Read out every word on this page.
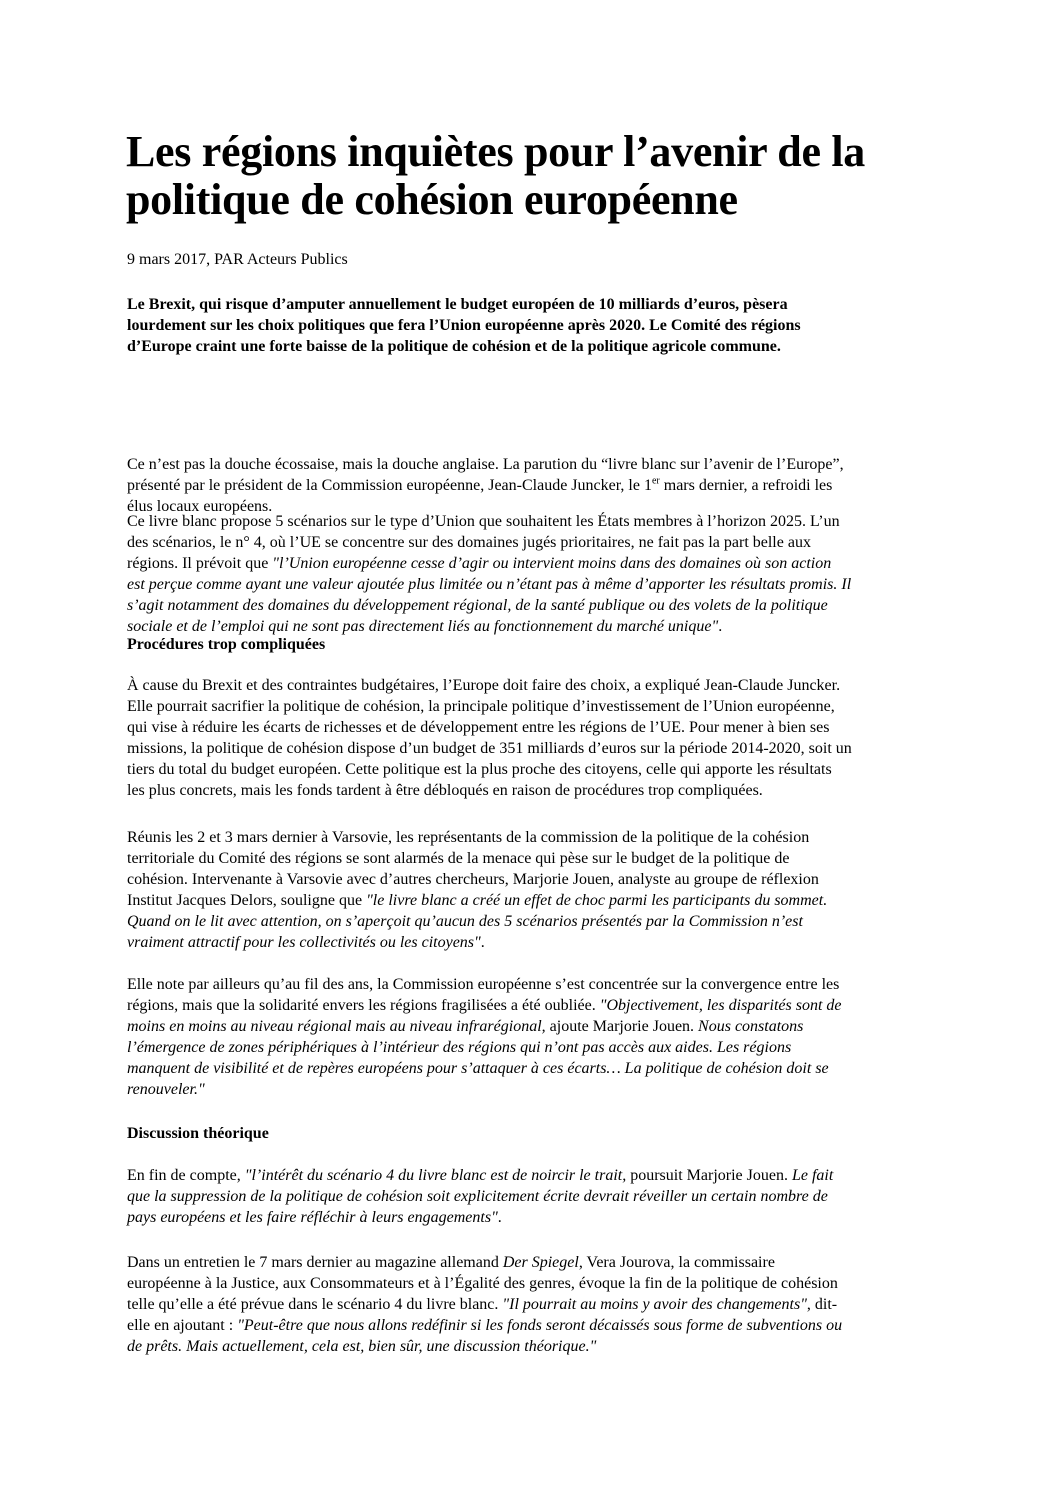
Les régions inquiètes pour l’avenir de la
politique de cohésion européenne
9 mars 2017, PAR Acteurs Publics
Le Brexit, qui risque d’amputer annuellement le budget européen de 10 milliards d’euros, pèsera
lourdement sur les choix politiques que fera l’Union européenne après 2020. Le Comité des régions
d’Europe craint une forte baisse de la politique de cohésion et de la politique agricole commune.
Ce n’est pas la douche écossaise, mais la douche anglaise. La parution du “livre blanc sur l’avenir de l’Europe”,
présenté par le président de la Commission européenne, Jean-Claude Juncker, le 1er mars dernier, a refroidi les
élus locaux européens.
Ce livre blanc propose 5 scénarios sur le type d’Union que souhaitent les États membres à l’horizon 2025. L’un
des scénarios, le n° 4, où l’UE se concentre sur des domaines jugés prioritaires, ne fait pas la part belle aux
régions. Il prévoit que "l’Union européenne cesse d’agir ou intervient moins dans des domaines où son action
est perçue comme ayant une valeur ajoutée plus limitée ou n’étant pas à même d’apporter les résultats promis. Il
s’agit notamment des domaines du développement régional, de la santé publique ou des volets de la politique
sociale et de l’emploi qui ne sont pas directement liés au fonctionnement du marché unique".
Procédures trop compliquées
À cause du Brexit et des contraintes budgétaires, l’Europe doit faire des choix, a expliqué Jean-Claude Juncker.
Elle pourrait sacrifier la politique de cohésion, la principale politique d’investissement de l’Union européenne,
qui vise à réduire les écarts de richesses et de développement entre les régions de l’UE. Pour mener à bien ses
missions, la politique de cohésion dispose d’un budget de 351 milliards d’euros sur la période 2014-2020, soit un
tiers du total du budget européen. Cette politique est la plus proche des citoyens, celle qui apporte les résultats
les plus concrets, mais les fonds tardent à être débloqués en raison de procédures trop compliquées.
Réunis les 2 et 3 mars dernier à Varsovie, les représentants de la commission de la politique de la cohésion
territoriale du Comité des régions se sont alarmés de la menace qui pèse sur le budget de la politique de
cohésion. Intervenante à Varsovie avec d’autres chercheurs, Marjorie Jouen, analyste au groupe de réflexion
Institut Jacques Delors, souligne que "le livre blanc a créé un effet de choc parmi les participants du sommet.
Quand on le lit avec attention, on s’aperçoit qu’aucun des 5 scénarios présentés par la Commission n’est
vraiment attractif pour les collectivités ou les citoyens".
Elle note par ailleurs qu’au fil des ans, la Commission européenne s’est concentrée sur la convergence entre les
régions, mais que la solidarité envers les régions fragilisées a été oubliée. "Objectivement, les disparités sont de
moins en moins au niveau régional mais au niveau infrarégional, ajoute Marjorie Jouen. Nous constatons
l’émergence de zones périphériques à l’intérieur des régions qui n’ont pas accès aux aides. Les régions
manquent de visibilité et de repères européens pour s’attaquer à ces écarts… La politique de cohésion doit se
renouveler."
Discussion théorique
En fin de compte, "l’intérêt du scénario 4 du livre blanc est de noircir le trait, poursuit Marjorie Jouen. Le fait
que la suppression de la politique de cohésion soit explicitement écrite devrait réveiller un certain nombre de
pays européens et les faire réfléchir à leurs engagements".
Dans un entretien le 7 mars dernier au magazine allemand Der Spiegel, Vera Jourova, la commissaire
européenne à la Justice, aux Consommateurs et à l’Égalité des genres, évoque la fin de la politique de cohésion
telle qu’elle a été prévue dans le scénario 4 du livre blanc. "Il pourrait au moins y avoir des changements", dit-
elle en ajoutant : "Peut-être que nous allons redéfinir si les fonds seront décaissés sous forme de subventions ou
de prêts. Mais actuellement, cela est, bien sûr, une discussion théorique."
